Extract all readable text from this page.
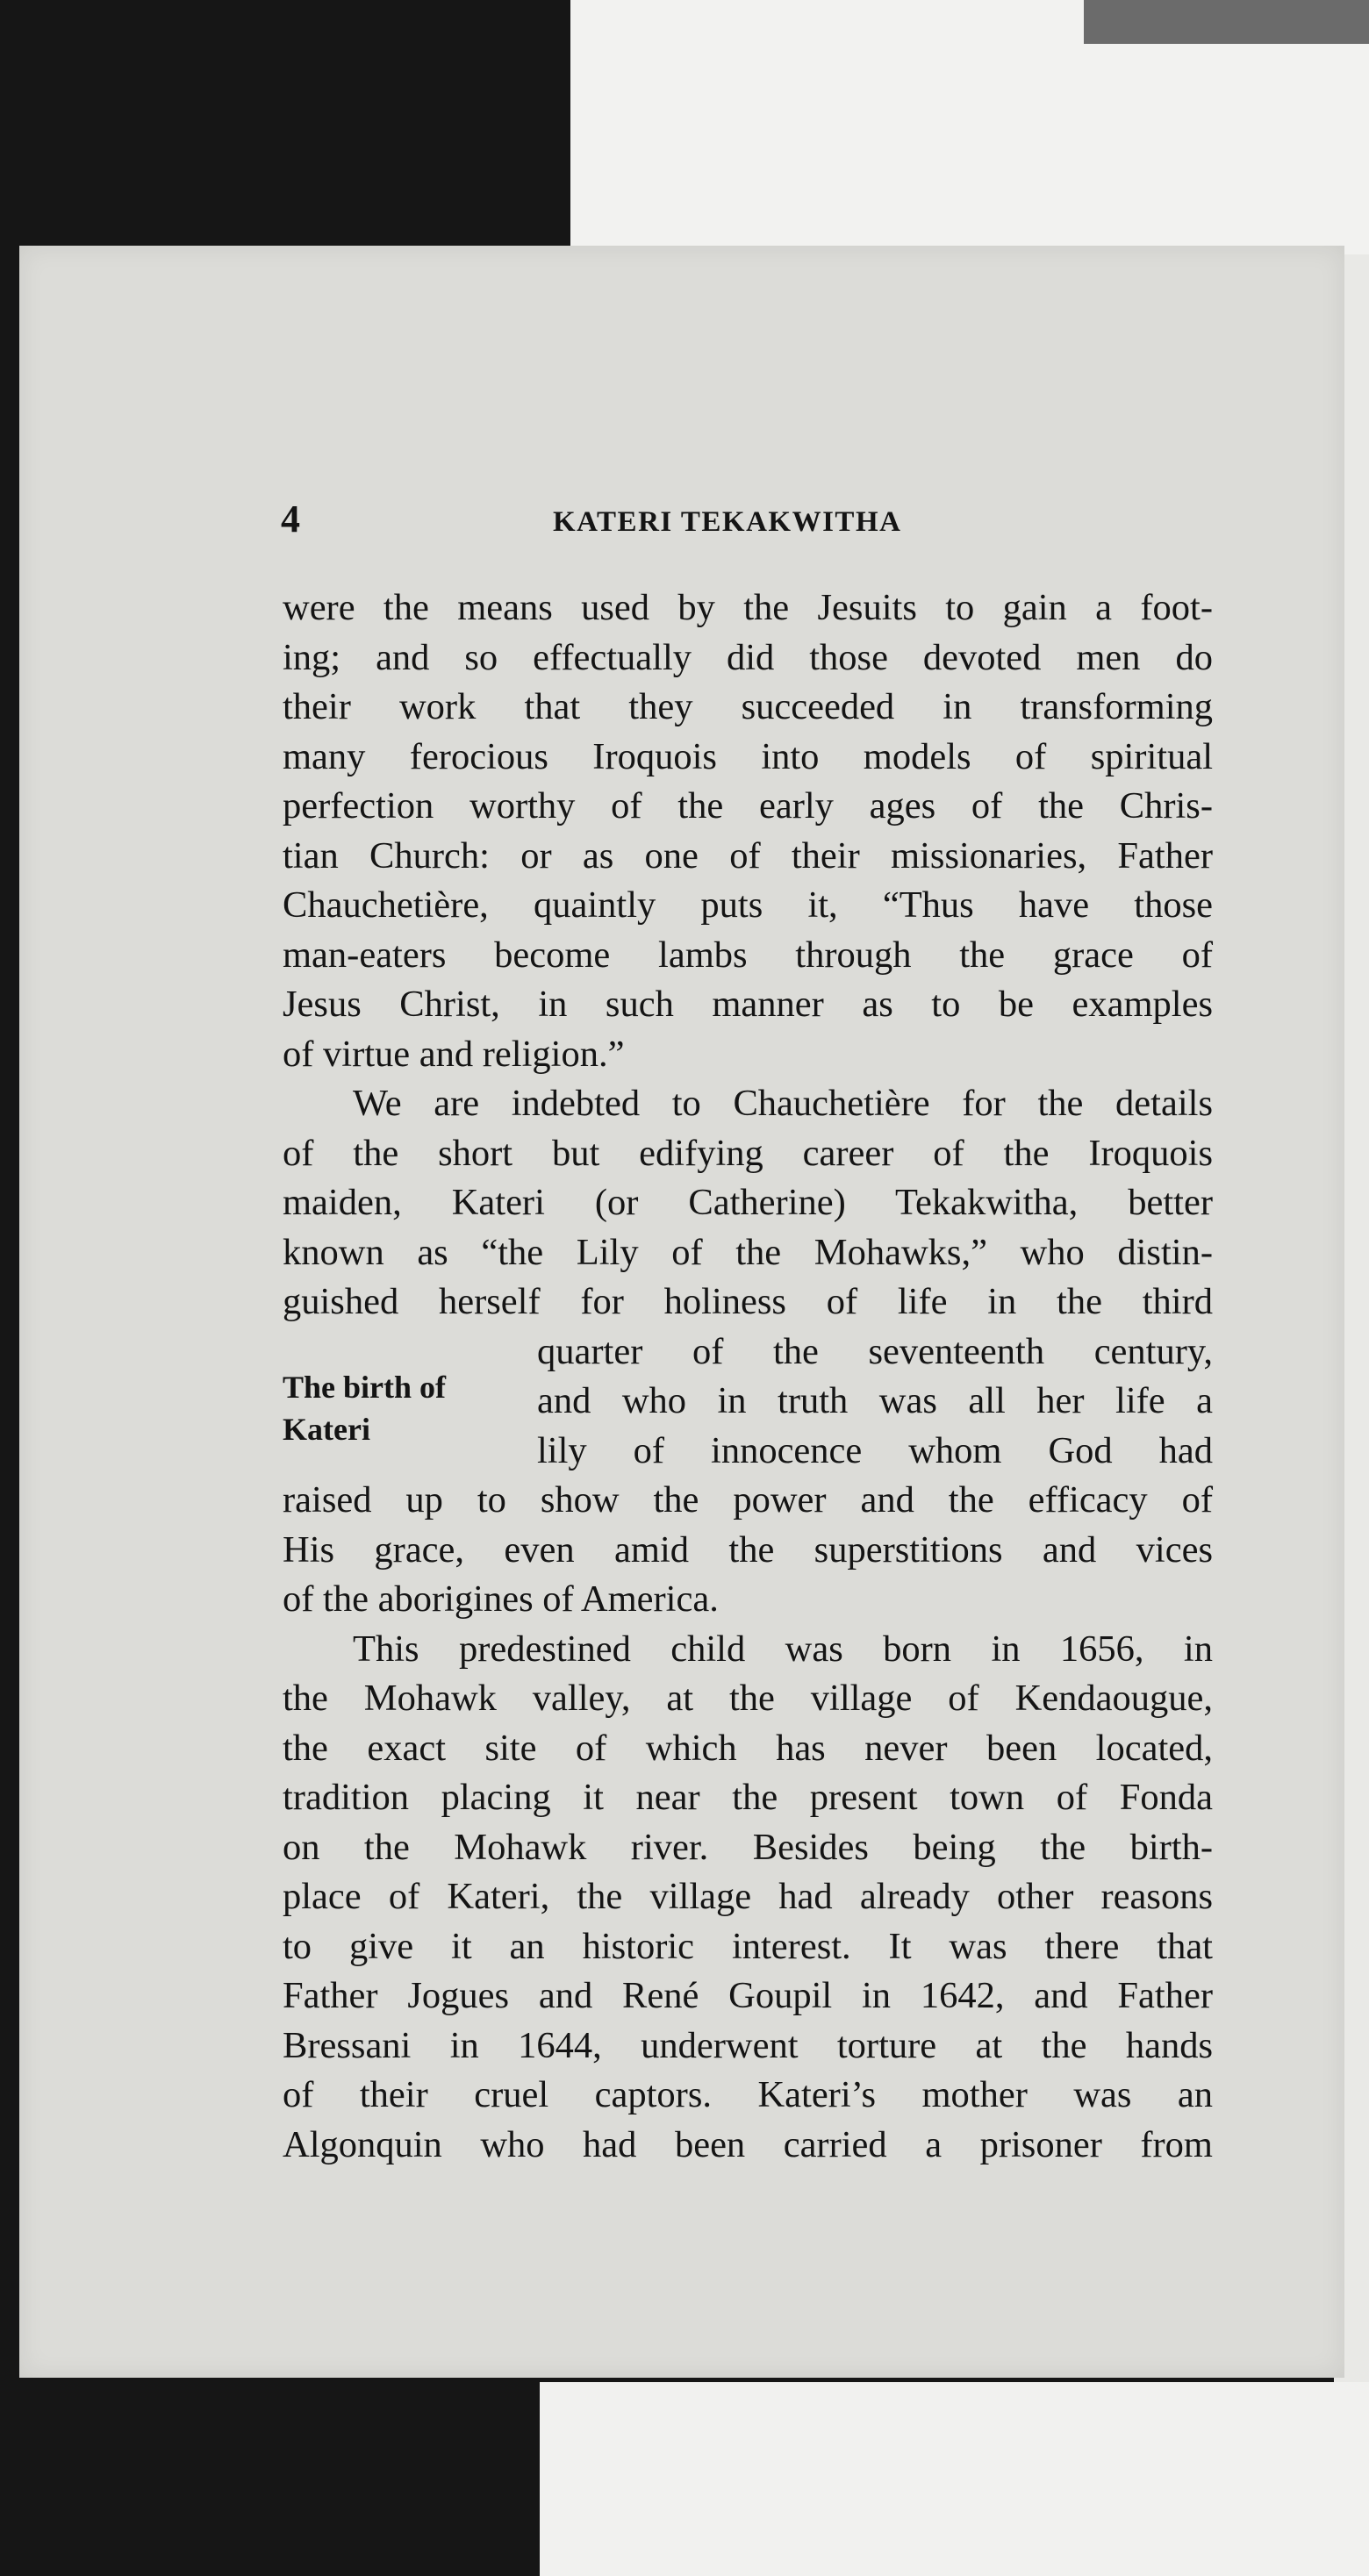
4	KATERI TEKAKWITHA
were the means used by the Jesuits to gain a foot-
ing; and so effectually did those devoted men do
their work that they succeeded in transforming
many ferocious Iroquois into models of spiritual
perfection worthy of the early ages of the Chris-
tian Church: or as one of their missionaries, Father
Chauchetière, quaintly puts it, “Thus have those
man-eaters become lambs through the grace of
Jesus Christ, in such manner as to be examples
of virtue and religion.”
We are indebted to Chauchetière for the details
of the short but edifying career of the Iroquois
maiden, Kateri (or Catherine) Tekakwitha, better
known as “the Lily of the Mohawks,” who distin-
guished herself for holiness of life in the third
The birth of
Kateri
quarter of the seventeenth century,
and who in truth was all her life a
lily of innocence whom God had
raised up to show the power and the efficacy of
His grace, even amid the superstitions and vices
of the aborigines of America.
This predestined child was born in 1656, in
the Mohawk valley, at the village of Kendaougue,
the exact site of which has never been located,
tradition placing it near the present town of Fonda
on the Mohawk river. Besides being the birth-
place of Kateri, the village had already other reasons
to give it an historic interest. It was there that
Father Jogues and René Goupil in 1642, and Father
Bressani in 1644, underwent torture at the hands
of their cruel captors. Kateri’s mother was an
Algonquin who had been carried a prisoner from
